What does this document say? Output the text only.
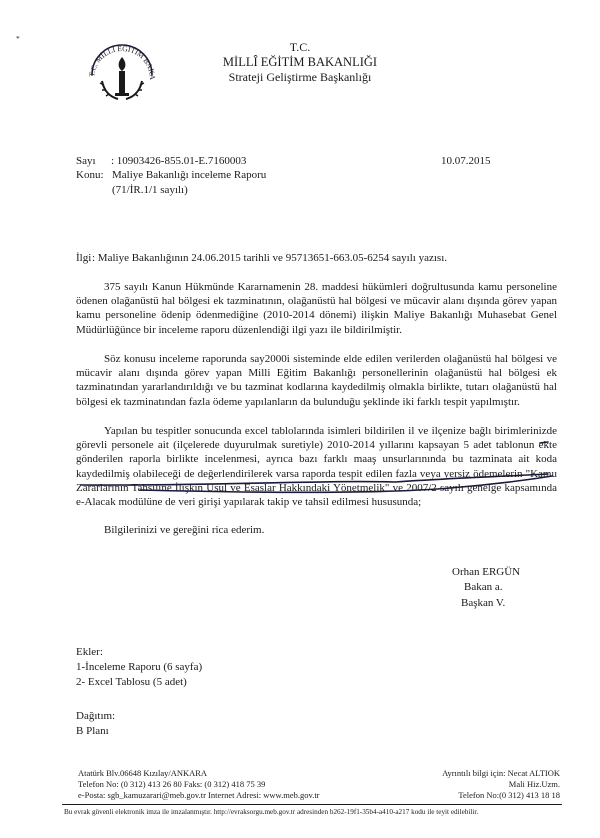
*
T.C. MİLLÎ EĞİTİM BAKA
T.C.
MİLLÎ EĞİTİM BAKANLIĞI
Strateji Geliştirme Başkanlığı
Sayı : 10903426-855.01-E.7160003	10.07.2015
Konu: Maliye Bakanlığı inceleme Raporu
(71/İR.1/1 sayılı)
İlgi : Maliye Bakanlığının 24.06.2015 tarihli ve 95713651-663.05-6254 sayılı yazısı.
375 sayılı Kanun Hükmünde Kararnamenin 28. maddesi hükümleri doğrultusunda kamu personeline ödenen olağanüstü hal bölgesi ek tazminatının, olağanüstü hal bölgesi ve mücavir alanı dışında görev yapan kamu personeline ödenip ödenmediğine (2010-2014 dönemi) ilişkin Maliye Bakanlığı Muhasebat Genel Müdürlüğünce bir inceleme raporu düzenlendiği ilgi yazı ile bildirilmiştir.
Söz konusu inceleme raporunda say2000i sisteminde elde edilen verilerden olağanüstü hal bölgesi ve mücavir alanı dışında görev yapan Milli Eğitim Bakanlığı personellerinin olağanüstü hal bölgesi ek tazminatından yararlandırıldığı ve bu tazminat kodlarına kaydedilmiş olmakla birlikte, tutarı olağanüstü hal bölgesi ek tazminatından fazla ödeme yapılanların da bulunduğu şeklinde iki farklı tespit yapılmıştır.
Yapılan bu tespitler sonucunda excel tablolarında isimleri bildirilen il ve ilçenize bağlı birimlerinizde görevli personele ait (ilçelerede duyurulmak suretiyle) 2010-2014 yıllarını kapsayan 5 adet tablonun ekte gönderilen raporla birlikte incelenmesi, ayrıca bazı farklı maaş unsurlarınında bu tazminata ait koda kaydedilmiş olabileceği de değerlendirilerek varsa raporda tespit edilen fazla veya yersiz ödemelerin "Kamu Zararlarının Tahsiline İlişkin Usul ve Esaslar Hakkındaki Yönetmelik" ve 2007/2 sayılı genelge kapsamında e-Alacak modülüne de veri girişi yapılarak takip ve tahsil edilmesi hususunda;
Bilgilerinizi ve gereğini rica ederim.
Orhan ERGÜN
Bakan a.
Başkan V.
Ekler:
1-İnceleme Raporu (6 sayfa)
2- Excel Tablosu (5 adet)
Dağıtım:
B Planı
Atatürk Blv.06648 Kızılay/ANKARA
Telefon No: (0 312) 413 26 80 Faks: (0 312) 418 75 39
e-Posta: sgb_kamuzarari@meb.gov.tr Internet Adresi: www.meb.gov.tr
Ayrıntılı bilgi için: Necat ALTIOK
Mali Hiz.Uzm.
Telefon No:(0 312) 413 18 18
Bu evrak güvenli elektronik imza ile imzalanmıştır. http://evraksorgu.meb.gov.tr adresinden b262-19f1-35b4-a410-a217 kodu ile teyit edilebilir.
